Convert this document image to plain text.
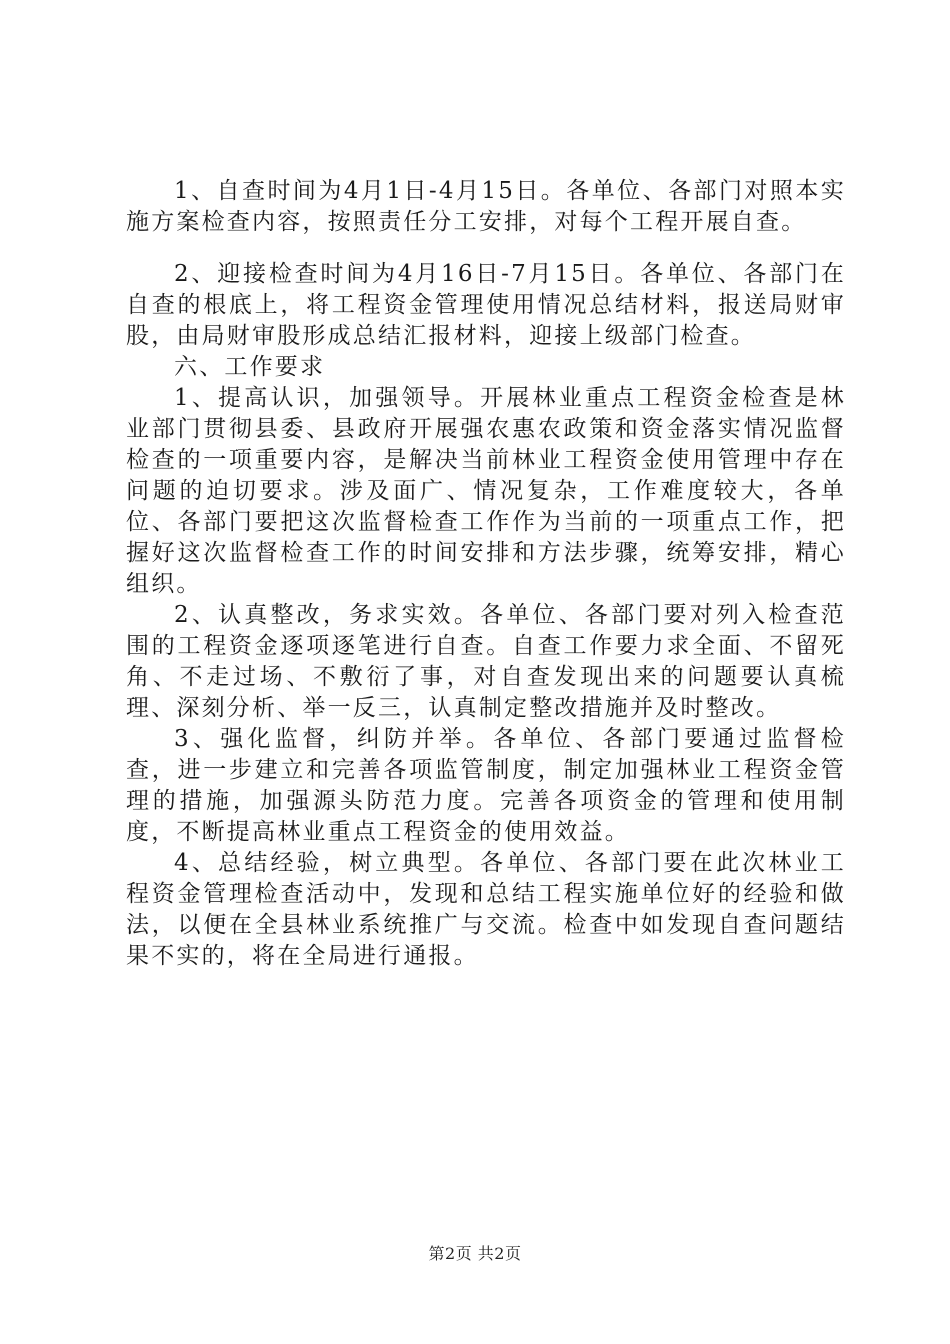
1、自查时间为4月1日-4月15日。各单位、各部门对照本实施方案检查内容，按照责任分工安排，对每个工程开展自查。

2、迎接检查时间为4月16日-7月15日。各单位、各部门在自查的根底上，将工程资金管理使用情况总结材料，报送局财审股，由局财审股形成总结汇报材料，迎接上级部门检查。

六、工作要求

1、提高认识，加强领导。开展林业重点工程资金检查是林业部门贯彻县委、县政府开展强农惠农政策和资金落实情况监督检查的一项重要内容，是解决当前林业工程资金使用管理中存在问题的迫切要求。涉及面广、情况复杂，工作难度较大，各单位、各部门要把这次监督检查工作作为当前的一项重点工作，把握好这次监督检查工作的时间安排和方法步骤，统筹安排，精心组织。

2、认真整改，务求实效。各单位、各部门要对列入检查范围的工程资金逐项逐笔进行自查。自查工作要力求全面、不留死角、不走过场、不敷衍了事，对自查发现出来的问题要认真梳理、深刻分析、举一反三，认真制定整改措施并及时整改。

3、强化监督，纠防并举。各单位、各部门要通过监督检查，进一步建立和完善各项监管制度，制定加强林业工程资金管理的措施，加强源头防范力度。完善各项资金的管理和使用制度，不断提高林业重点工程资金的使用效益。

4、总结经验，树立典型。各单位、各部门要在此次林业工程资金管理检查活动中，发现和总结工程实施单位好的经验和做法，以便在全县林业系统推广与交流。检查中如发现自查问题结果不实的，将在全局进行通报。

第2页 共2页
